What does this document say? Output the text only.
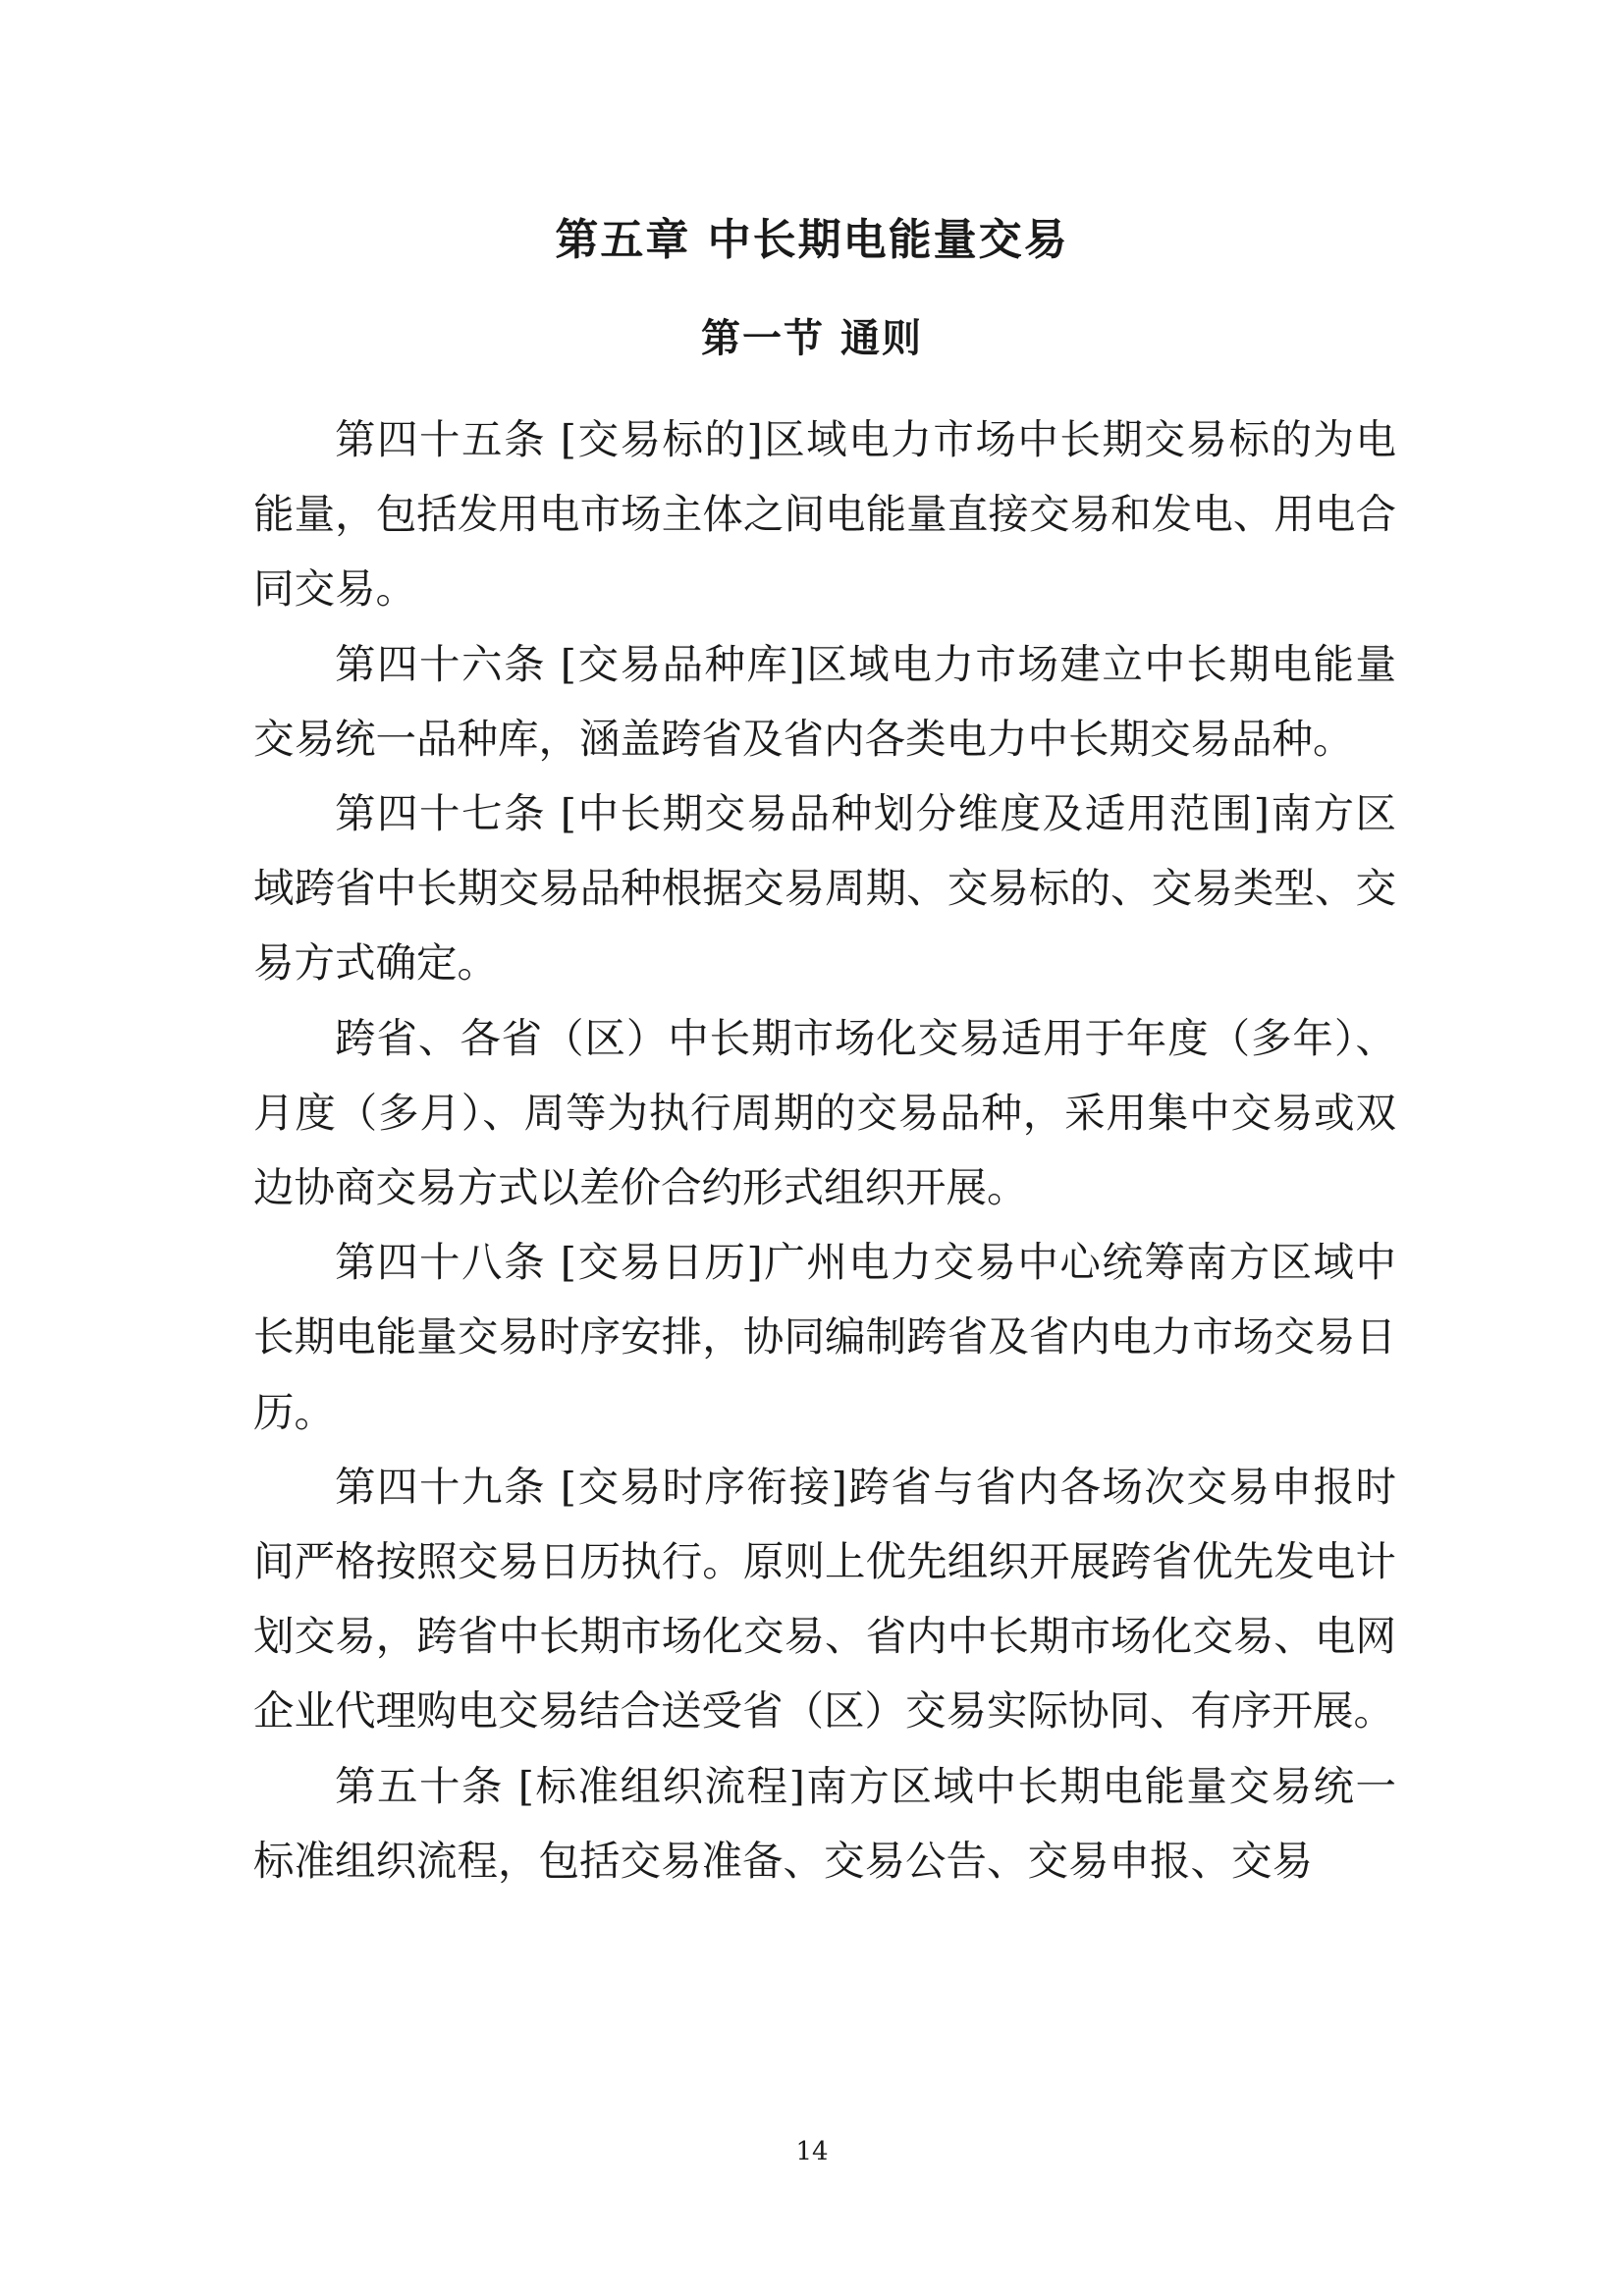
第五章 中长期电能量交易
第一节 通则

第四十五条 [交易标的]区域电力市场中长期交易标的为电能量，包括发用电市场主体之间电能量直接交易和发电、用电合同交易。

第四十六条 [交易品种库]区域电力市场建立中长期电能量交易统一品种库，涵盖跨省及省内各类电力中长期交易品种。

第四十七条 [中长期交易品种划分维度及适用范围]南方区域跨省中长期交易品种根据交易周期、交易标的、交易类型、交易方式确定。

跨省、各省（区）中长期市场化交易适用于年度（多年）、月度（多月）、周等为执行周期的交易品种，采用集中交易或双边协商交易方式以差价合约形式组织开展。

第四十八条 [交易日历]广州电力交易中心统筹南方区域中长期电能量交易时序安排，协同编制跨省及省内电力市场交易日历。

第四十九条 [交易时序衔接]跨省与省内各场次交易申报时间严格按照交易日历执行。原则上优先组织开展跨省优先发电计划交易，跨省中长期市场化交易、省内中长期市场化交易、电网企业代理购电交易结合送受省（区）交易实际协同、有序开展。

第五十条 [标准组织流程]南方区域中长期电能量交易统一标准组织流程，包括交易准备、交易公告、交易申报、交易

14
